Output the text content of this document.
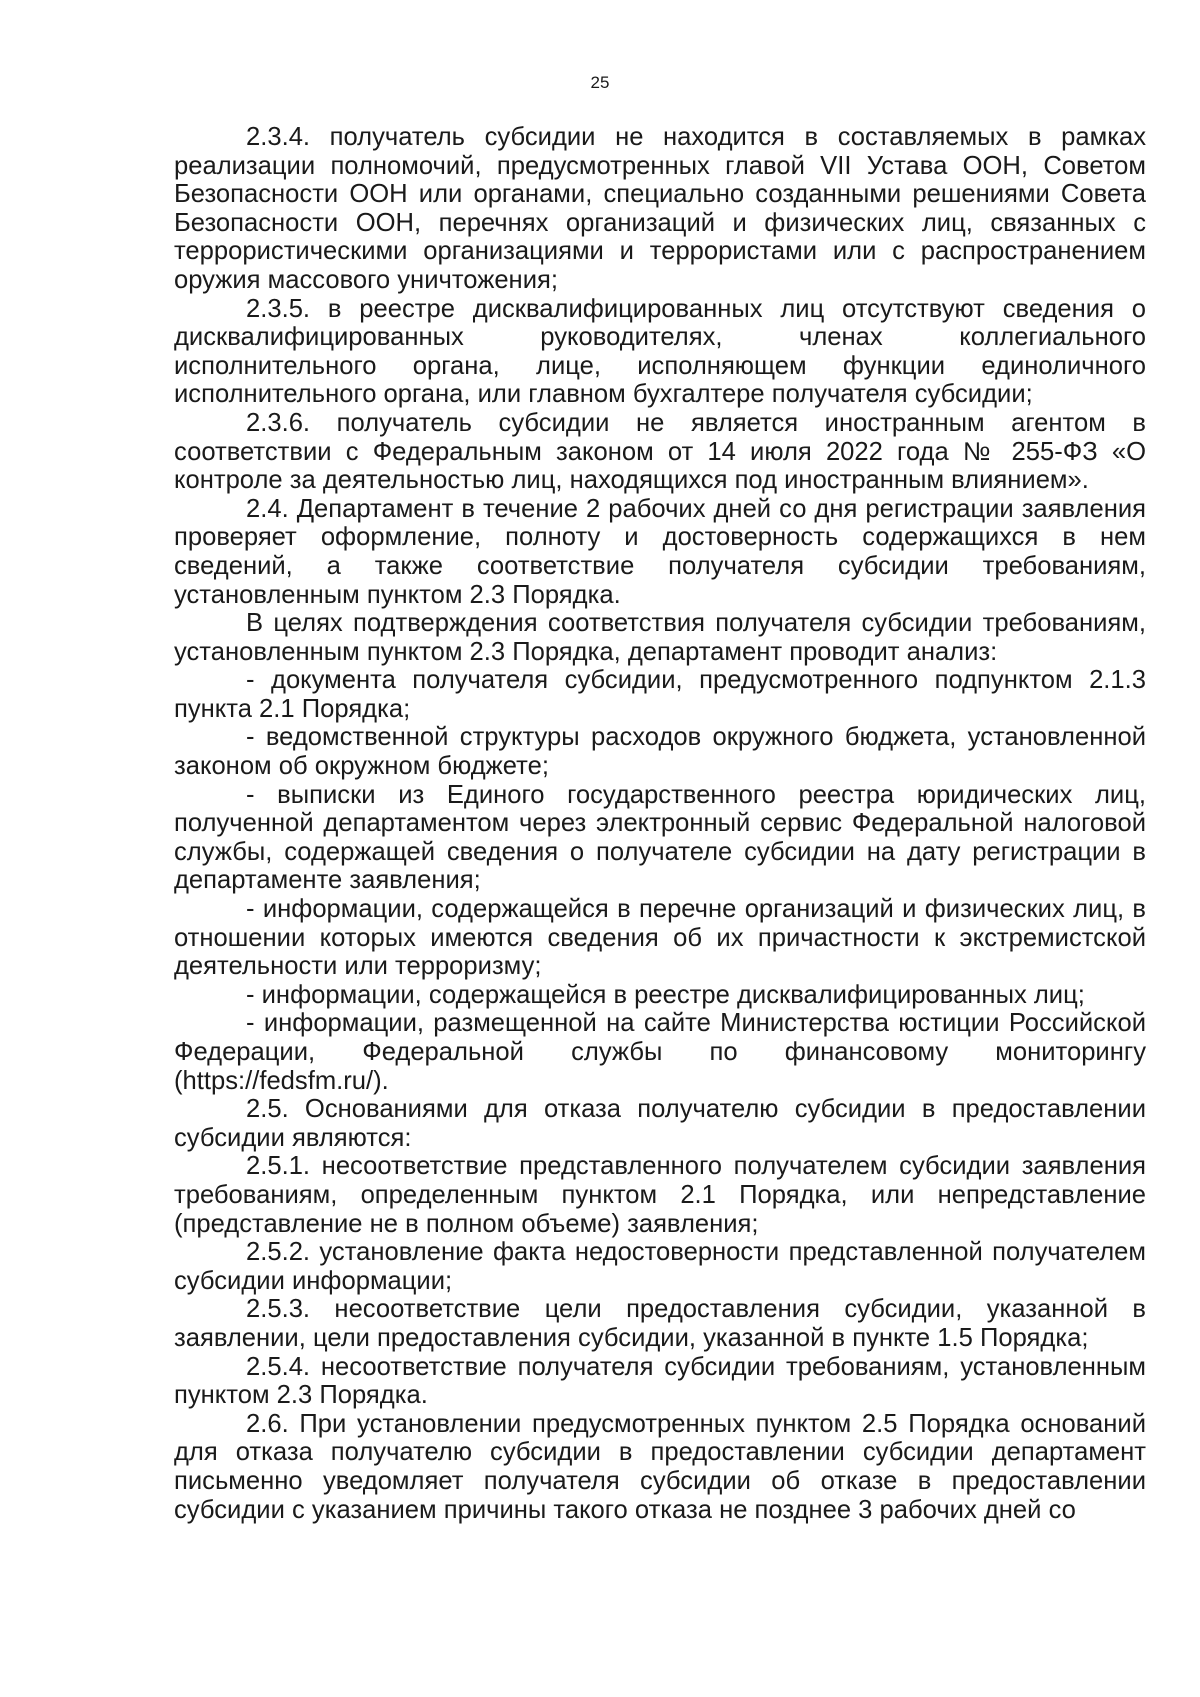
25

2.3.4. получатель субсидии не находится в составляемых в рамках реализации полномочий, предусмотренных главой VII Устава ООН, Советом Безопасности ООН или органами, специально созданными решениями Совета Безопасности ООН, перечнях организаций и физических лиц, связанных с террористическими организациями и террористами или с распространением оружия массового уничтожения;

2.3.5. в реестре дисквалифицированных лиц отсутствуют сведения о дисквалифицированных руководителях, членах коллегиального исполнительного органа, лице, исполняющем функции единоличного исполнительного органа, или главном бухгалтере получателя субсидии;

2.3.6. получатель субсидии не является иностранным агентом в соответствии с Федеральным законом от 14 июля 2022 года № 255-ФЗ «О контроле за деятельностью лиц, находящихся под иностранным влиянием».

2.4. Департамент в течение 2 рабочих дней со дня регистрации заявления проверяет оформление, полноту и достоверность содержащихся в нем сведений, а также соответствие получателя субсидии требованиям, установленным пунктом 2.3 Порядка.

В целях подтверждения соответствия получателя субсидии требованиям, установленным пунктом 2.3 Порядка, департамент проводит анализ:

- документа получателя субсидии, предусмотренного подпунктом 2.1.3 пункта 2.1 Порядка;

- ведомственной структуры расходов окружного бюджета, установленной законом об окружном бюджете;

- выписки из Единого государственного реестра юридических лиц, полученной департаментом через электронный сервис Федеральной налоговой службы, содержащей сведения о получателе субсидии на дату регистрации в департаменте заявления;

- информации, содержащейся в перечне организаций и физических лиц, в отношении которых имеются сведения об их причастности к экстремистской деятельности или терроризму;

- информации, содержащейся в реестре дисквалифицированных лиц;

- информации, размещенной на сайте Министерства юстиции Российской Федерации, Федеральной службы по финансовому мониторингу (https://fedsfm.ru/).

2.5. Основаниями для отказа получателю субсидии в предоставлении субсидии являются:

2.5.1. несоответствие представленного получателем субсидии заявления требованиям, определенным пунктом 2.1 Порядка, или непредставление (представление не в полном объеме) заявления;

2.5.2. установление факта недостоверности представленной получателем субсидии информации;

2.5.3. несоответствие цели предоставления субсидии, указанной в заявлении, цели предоставления субсидии, указанной в пункте 1.5 Порядка;

2.5.4. несоответствие получателя субсидии требованиям, установленным пунктом 2.3 Порядка.

2.6. При установлении предусмотренных пунктом 2.5 Порядка оснований для отказа получателю субсидии в предоставлении субсидии департамент письменно уведомляет получателя субсидии об отказе в предоставлении субсидии с указанием причины такого отказа не позднее 3 рабочих дней со
